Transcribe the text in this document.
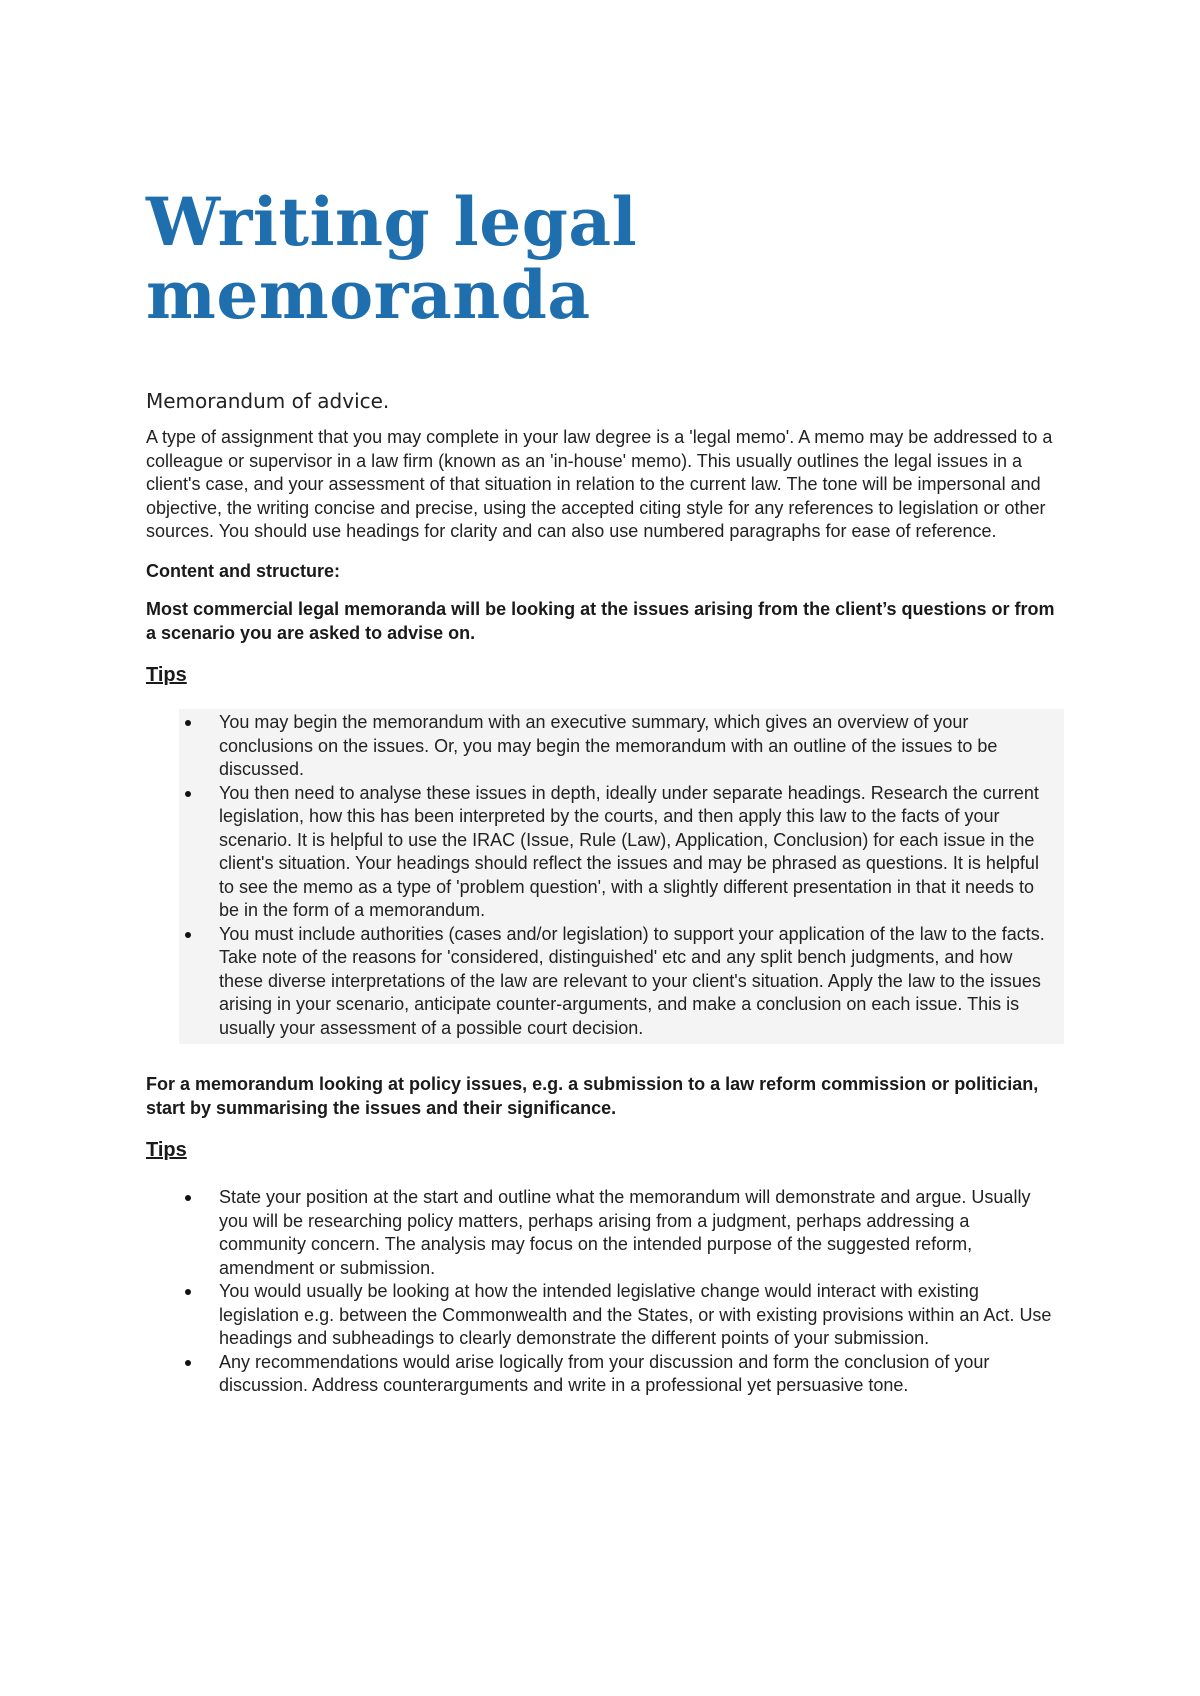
Writing legal memoranda
Memorandum of advice.

A type of assignment that you may complete in your law degree is a 'legal memo'. A memo may be addressed to a colleague or supervisor in a law firm (known as an 'in-house' memo). This usually outlines the legal issues in a client's case, and your assessment of that situation in relation to the current law. The tone will be impersonal and objective, the writing concise and precise, using the accepted citing style for any references to legislation or other sources. You should use headings for clarity and can also use numbered paragraphs for ease of reference.

Content and structure:

Most commercial legal memoranda will be looking at the issues arising from the client’s questions or from a scenario you are asked to advise on.

Tips
You may begin the memorandum with an executive summary, which gives an overview of your conclusions on the issues. Or, you may begin the memorandum with an outline of the issues to be discussed.
You then need to analyse these issues in depth, ideally under separate headings. Research the current legislation, how this has been interpreted by the courts, and then apply this law to the facts of your scenario. It is helpful to use the IRAC (Issue, Rule (Law), Application, Conclusion) for each issue in the client's situation. Your headings should reflect the issues and may be phrased as questions. It is helpful to see the memo as a type of 'problem question', with a slightly different presentation in that it needs to be in the form of a memorandum.
You must include authorities (cases and/or legislation) to support your application of the law to the facts. Take note of the reasons for 'considered, distinguished' etc and any split bench judgments, and how these diverse interpretations of the law are relevant to your client's situation. Apply the law to the issues arising in your scenario, anticipate counter-arguments, and make a conclusion on each issue. This is usually your assessment of a possible court decision.

For a memorandum looking at policy issues, e.g. a submission to a law reform commission or politician, start by summarising the issues and their significance.

Tips
State your position at the start and outline what the memorandum will demonstrate and argue. Usually you will be researching policy matters, perhaps arising from a judgment, perhaps addressing a community concern. The analysis may focus on the intended purpose of the suggested reform, amendment or submission.
You would usually be looking at how the intended legislative change would interact with existing legislation e.g. between the Commonwealth and the States, or with existing provisions within an Act. Use headings and subheadings to clearly demonstrate the different points of your submission.
Any recommendations would arise logically from your discussion and form the conclusion of your discussion. Address counterarguments and write in a professional yet persuasive tone.
